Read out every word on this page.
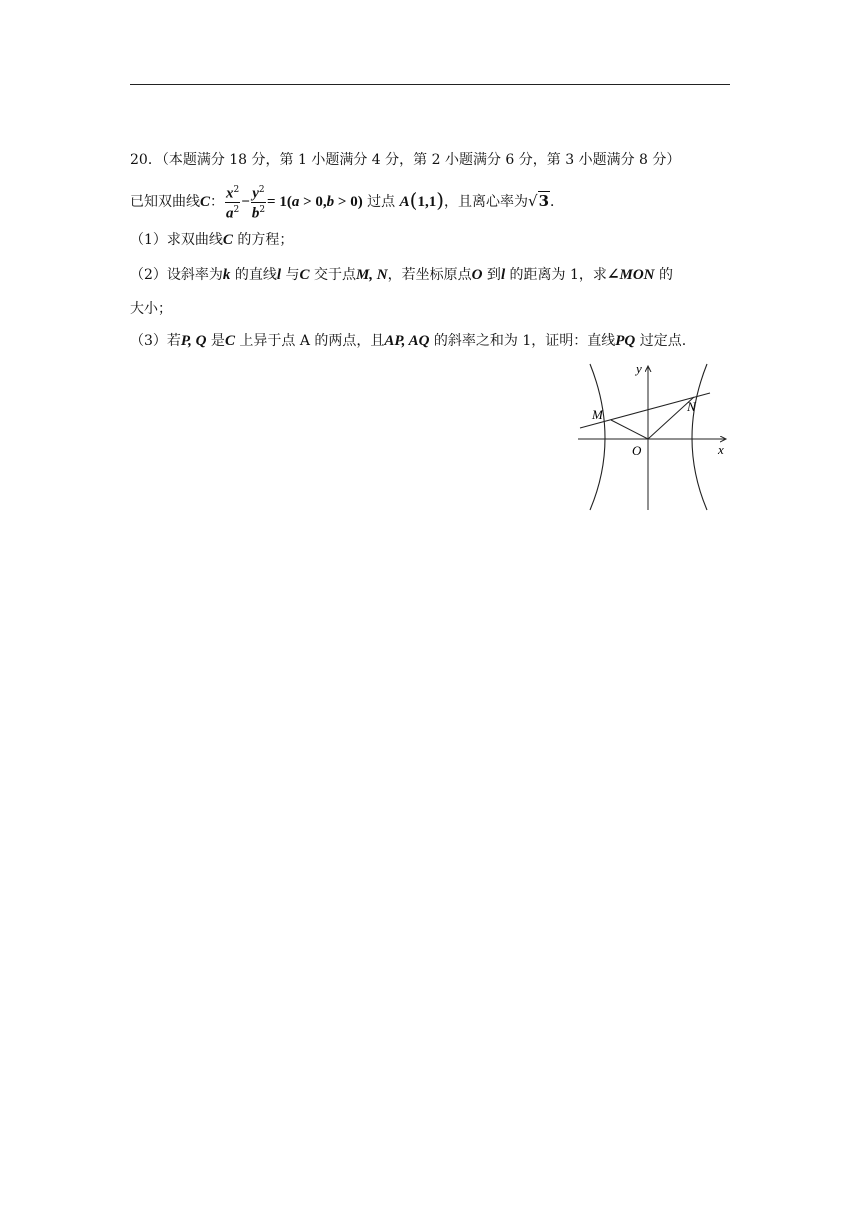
20．（本题满分 18 分，第 1 小题满分 4 分，第 2 小题满分 6 分，第 3 小题满分 8 分）
已知双曲线C： $\frac{x^2}{a^2} - \frac{y^2}{b^2} = 1(a > 0,b > 0)$ 过点 A(1,1)，且离心率为√3．
（1）求双曲线C 的方程；
（2）设斜率为k 的直线l 与C 交于点M, N，若坐标原点O 到l 的距离为 1，求∠MON 的
大小；
（3）若P, Q 是C 上异于点 A 的两点，且AP, AQ 的斜率之和为 1，证明：直线PQ 过定点.
y
x
O
M
N
